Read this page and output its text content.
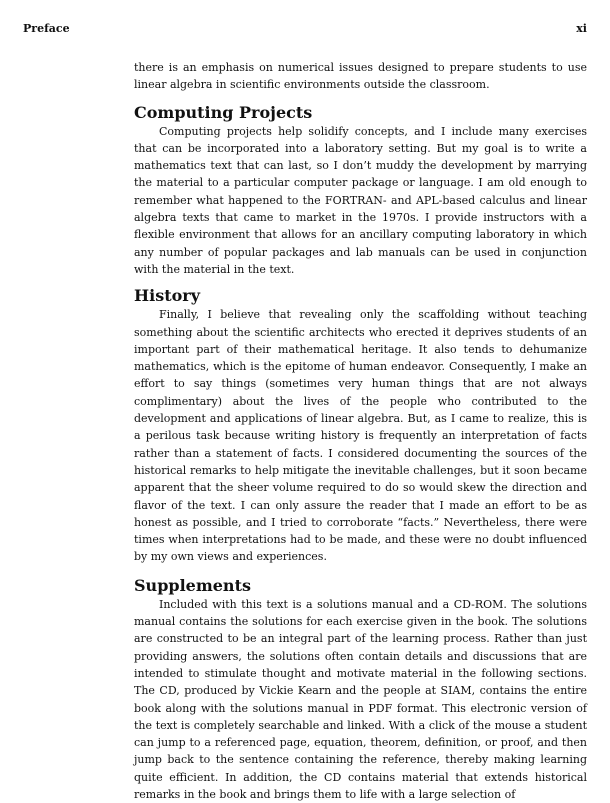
Preface	xi

there is an emphasis on numerical issues designed to prepare students to use linear algebra in scientific environments outside the classroom.

Computing Projects

Computing projects help solidify concepts, and I include many exercises that can be incorporated into a laboratory setting. But my goal is to write a mathematics text that can last, so I don’t muddy the development by marrying the material to a particular computer package or language. I am old enough to remember what happened to the FORTRAN- and APL-based calculus and linear algebra texts that came to market in the 1970s. I provide instructors with a flexible environment that allows for an ancillary computing laboratory in which any number of popular packages and lab manuals can be used in conjunction with the material in the text.

History

Finally, I believe that revealing only the scaffolding without teaching something about the scientific architects who erected it deprives students of an important part of their mathematical heritage. It also tends to dehumanize mathematics, which is the epitome of human endeavor. Consequently, I make an effort to say things (sometimes very human things that are not always complimentary) about the lives of the people who contributed to the development and applications of linear algebra. But, as I came to realize, this is a perilous task because writing history is frequently an interpretation of facts rather than a statement of facts. I considered documenting the sources of the historical remarks to help mitigate the inevitable challenges, but it soon became apparent that the sheer volume required to do so would skew the direction and flavor of the text. I can only assure the reader that I made an effort to be as honest as possible, and I tried to corroborate “facts.” Nevertheless, there were times when interpretations had to be made, and these were no doubt influenced by my own views and experiences.

Supplements

Included with this text is a solutions manual and a CD-ROM. The solutions manual contains the solutions for each exercise given in the book. The solutions are constructed to be an integral part of the learning process. Rather than just providing answers, the solutions often contain details and discussions that are intended to stimulate thought and motivate material in the following sections. The CD, produced by Vickie Kearn and the people at SIAM, contains the entire book along with the solutions manual in PDF format. This electronic version of the text is completely searchable and linked. With a click of the mouse a student can jump to a referenced page, equation, theorem, definition, or proof, and then jump back to the sentence containing the reference, thereby making learning quite efficient. In addition, the CD contains material that extends historical remarks in the book and brings them to life with a large selection of
